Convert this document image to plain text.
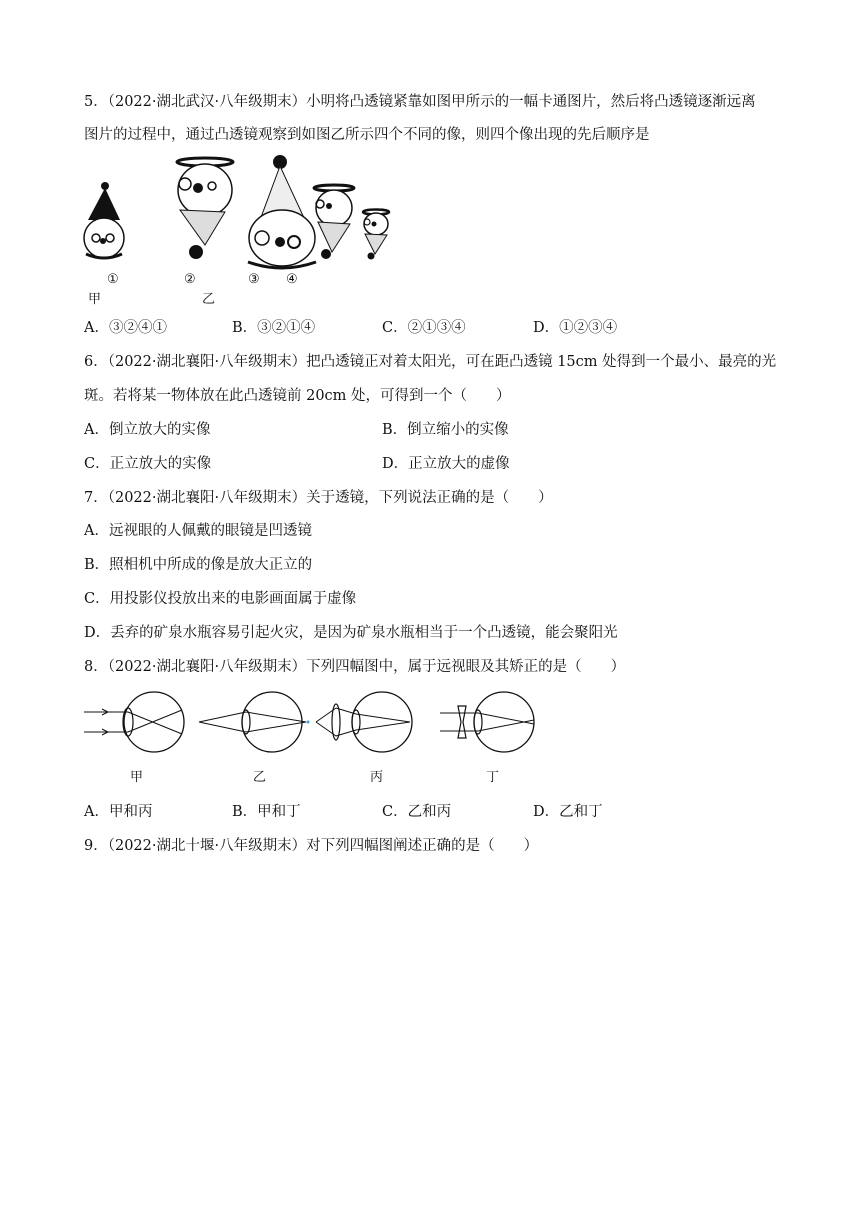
5．（2022·湖北武汉·八年级期末）小明将凸透镜紧靠如图甲所示的一幅卡通图片，然后将凸透镜逐渐远离
图片的过程中，通过凸透镜观察到如图乙所示四个不同的像，则四个像出现的先后顺序是
①	②	③ ④
甲	乙
A．③②④①	B．③②①④	C．②①③④	D．①②③④
6．（2022·湖北襄阳·八年级期末）把凸透镜正对着太阳光，可在距凸透镜 15cm 处得到一个最小、最亮的光
斑。若将某一物体放在此凸透镜前 20cm 处，可得到一个（　　）
A．倒立放大的实像	B．倒立缩小的实像
C．正立放大的实像	D．正立放大的虚像
7．（2022·湖北襄阳·八年级期末）关于透镜，下列说法正确的是（　　）
A．远视眼的人佩戴的眼镜是凹透镜
B．照相机中所成的像是放大正立的
C．用投影仪投放出来的电影画面属于虚像
D．丢弃的矿泉水瓶容易引起火灾，是因为矿泉水瓶相当于一个凸透镜，能会聚阳光
8．（2022·湖北襄阳·八年级期末）下列四幅图中，属于远视眼及其矫正的是（　　）
甲	乙	丙	丁
A．甲和丙	B．甲和丁	C．乙和丙	D．乙和丁
9．（2022·湖北十堰·八年级期末）对下列四幅图阐述正确的是（　　）
